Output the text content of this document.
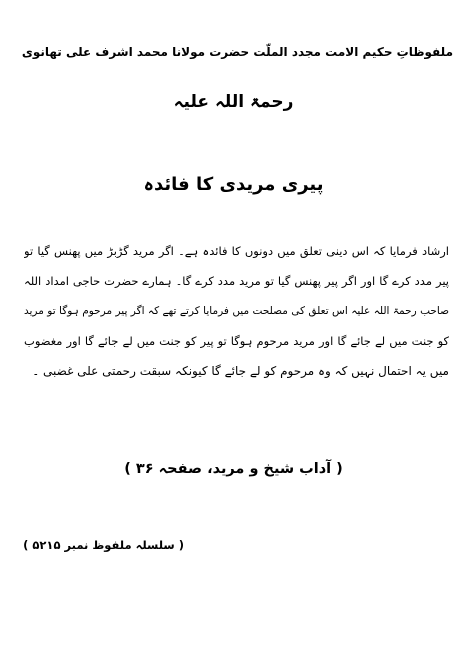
ملفوظاتِ حکیم الامت مجدد الملّت حضرت مولانا محمد اشرف علی تھانوی
رحمۃ اللہ علیہ
پیری مریدی کا فائدہ
ارشاد فرمایا کہ اس دینی تعلق میں دونوں کا فائدہ ہے۔ اگر مرید گڑبڑ میں پھنس گیا تو
پیر مدد کرے گا اور اگر پیر پھنس گیا تو مرید مدد کرے گا۔ ہمارے حضرت حاجی امداد اللہ
صاحب رحمۃ اللہ علیہ اس تعلق کی مصلحت میں فرمایا کرتے تھے کہ اگر پیر مرحوم ہوگا تو مرید
کو جنت میں لے جائے گا اور مرید مرحوم ہوگا تو پیر کو جنت میں لے جائے گا اور مغضوب
میں یہ احتمال نہیں کہ وہ مرحوم کو لے جائے گا کیونکہ سبقت رحمتی علی غضبی ۔
( آداب شیخ و مرید، صفحہ ۳۶ )
( سلسلہ ملفوظ نمبر ۵۲۱۵ )
